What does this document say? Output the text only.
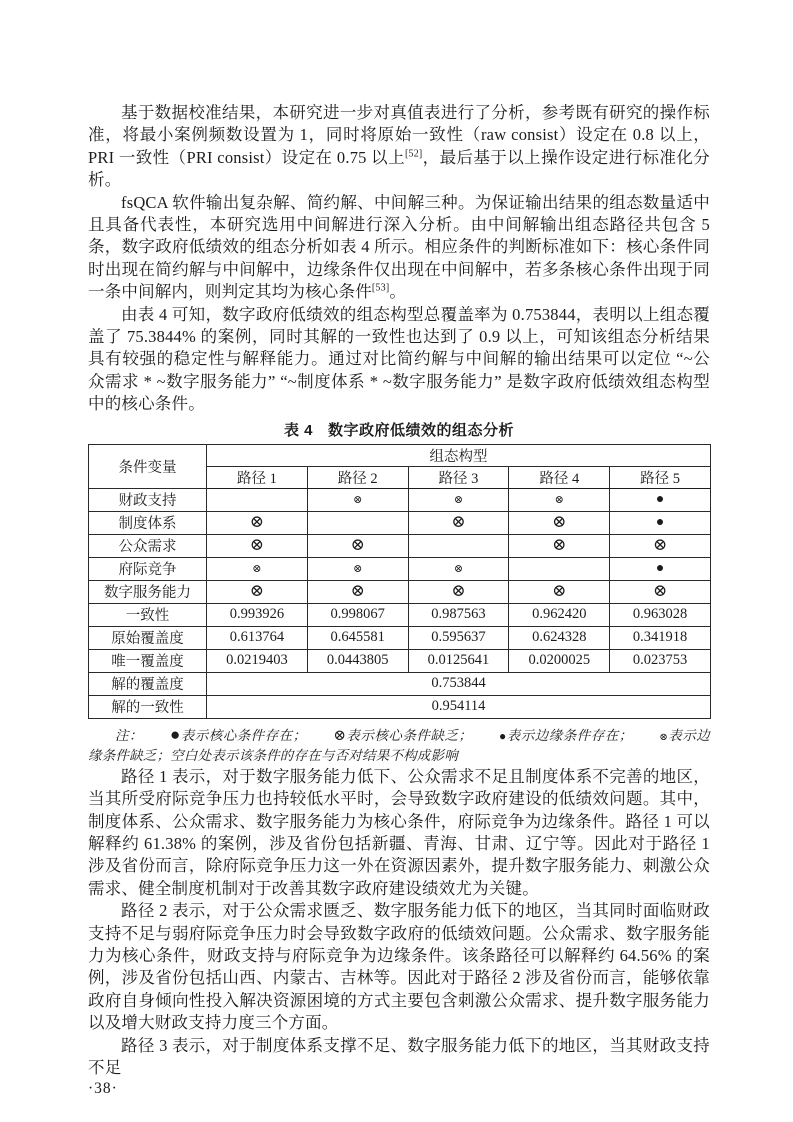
基于数据校准结果，本研究进一步对真值表进行了分析，参考既有研究的操作标准，将最小案例频数设置为 1，同时将原始一致性（raw consist）设定在 0.8 以上，PRI 一致性（PRI consist）设定在 0.75 以上[52]，最后基于以上操作设定进行标准化分析。

fsQCA 软件输出复杂解、简约解、中间解三种。为保证输出结果的组态数量适中且具备代表性，本研究选用中间解进行深入分析。由中间解输出组态路径共包含 5 条，数字政府低绩效的组态分析如表 4 所示。相应条件的判断标准如下：核心条件同时出现在简约解与中间解中，边缘条件仅出现在中间解中，若多条核心条件出现于同一条中间解内，则判定其均为核心条件[53]。

由表 4 可知，数字政府低绩效的组态构型总覆盖率为 0.753844，表明以上组态覆盖了 75.3844% 的案例，同时其解的一致性也达到了 0.9 以上，可知该组态分析结果具有较强的稳定性与解释能力。通过对比简约解与中间解的输出结果可以定位 “~公众需求 * ~数字服务能力” “~制度体系 * ~数字服务能力” 是数字政府低绩效组态构型中的核心条件。

表 4 数字政府低绩效的组态分析
条件变量	组态构型				
	路径 1	路径 2	路径 3	路径 4	路径 5
财政支持		⊗	⊗	⊗	●
制度体系	⊗		⊗	⊗	●
公众需求	⊗	⊗		⊗	⊗
府际竞争	⊗	⊗	⊗		●
数字服务能力	⊗	⊗	⊗	⊗	⊗
一致性	0.993926	0.998067	0.987563	0.962420	0.963028
原始覆盖度	0.613764	0.645581	0.595637	0.624328	0.341918
唯一覆盖度	0.0219403	0.0443805	0.0125641	0.0200025	0.023753
解的覆盖度	0.753844				
解的一致性	0.954114				
注： ●表示核心条件存在； ⊗表示核心条件缺乏； ●表示边缘条件存在；	⊗表示边缘条件缺乏；空白处表示该条件的存在与否对结果不构成影响

路径 1 表示，对于数字服务能力低下、公众需求不足且制度体系不完善的地区，当其所受府际竞争压力也持较低水平时，会导致数字政府建设的低绩效问题。其中，制度体系、公众需求、数字服务能力为核心条件，府际竞争为边缘条件。路径 1 可以解释约 61.38% 的案例，涉及省份包括新疆、青海、甘肃、辽宁等。因此对于路径 1 涉及省份而言，除府际竞争压力这一外在资源因素外，提升数字服务能力、刺激公众需求、健全制度机制对于改善其数字政府建设绩效尤为关键。

路径 2 表示，对于公众需求匮乏、数字服务能力低下的地区，当其同时面临财政支持不足与弱府际竞争压力时会导致数字政府的低绩效问题。公众需求、数字服务能力为核心条件，财政支持与府际竞争为边缘条件。该条路径可以解释约 64.56% 的案例，涉及省份包括山西、内蒙古、吉林等。因此对于路径 2 涉及省份而言，能够依靠政府自身倾向性投入解决资源困境的方式主要包含刺激公众需求、提升数字服务能力以及增大财政支持力度三个方面。

路径 3 表示，对于制度体系支撑不足、数字服务能力低下的地区，当其财政支持不足

·38·
